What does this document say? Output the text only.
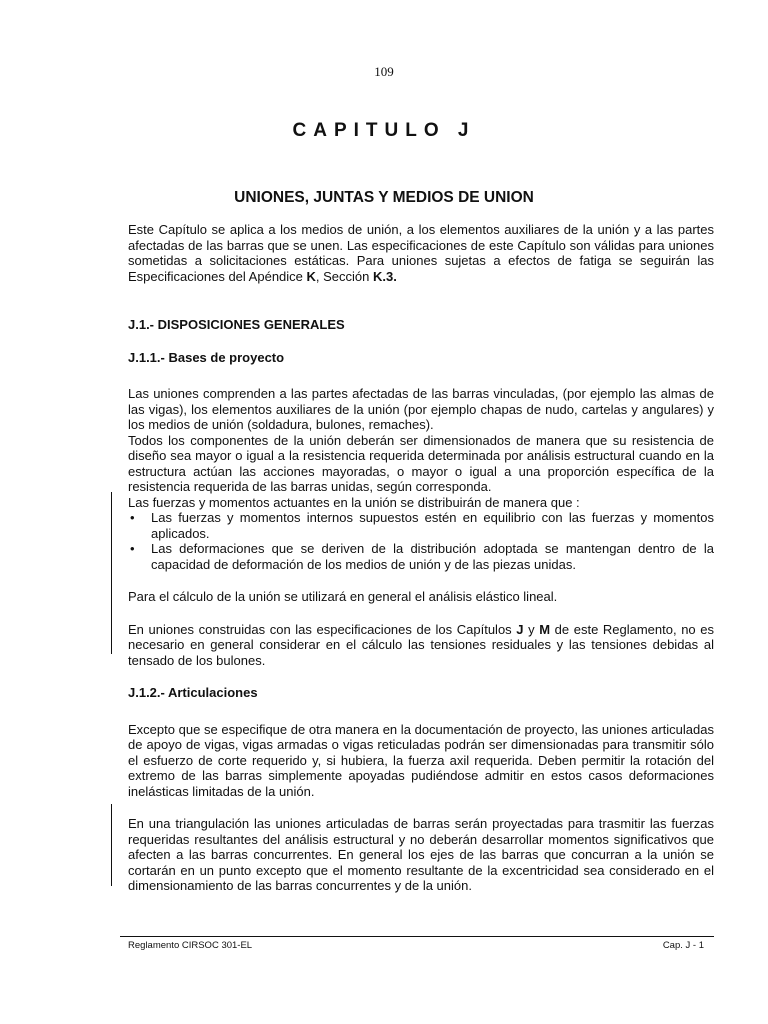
109
CAPITULO J
UNIONES, JUNTAS Y MEDIOS DE UNION

Este Capítulo se aplica a los medios de unión, a los elementos auxiliares de la unión y a las partes afectadas de las barras que se unen. Las especificaciones de este Capítulo son válidas para uniones sometidas a solicitaciones estáticas. Para uniones sujetas a efectos de fatiga se seguirán las Especificaciones del Apéndice K, Sección K.3.

J.1.- DISPOSICIONES GENERALES

J.1.1.- Bases de proyecto

Las uniones comprenden a las partes afectadas de las barras vinculadas, (por ejemplo las almas de las vigas), los elementos auxiliares de la unión (por ejemplo chapas de nudo, cartelas y angulares) y los medios de unión (soldadura, bulones, remaches).

Todos los componentes de la unión deberán ser dimensionados de manera que su resistencia de diseño sea mayor o igual a la resistencia requerida determinada por análisis estructural cuando en la estructura actúan las acciones mayoradas, o mayor o igual a una proporción específica de la resistencia requerida de las barras unidas, según corresponda.

Las fuerzas y momentos actuantes en la unión se distribuirán de manera que :

• Las fuerzas y momentos internos supuestos estén en equilibrio con las fuerzas y momentos aplicados.
• Las deformaciones que se deriven de la distribución adoptada se mantengan dentro de la capacidad de deformación de los medios de unión y de las piezas unidas.

Para el cálculo de la unión se utilizará en general el análisis elástico lineal.

En uniones construidas con las especificaciones de los Capítulos J y M de este Reglamento, no es necesario en general considerar en el cálculo las tensiones residuales y las tensiones debidas al tensado de los bulones.

J.1.2.- Articulaciones

Excepto que se especifique de otra manera en la documentación de proyecto, las uniones articuladas de apoyo de vigas, vigas armadas o vigas reticuladas podrán ser dimensionadas para transmitir sólo el esfuerzo de corte requerido y, si hubiera, la fuerza axil requerida. Deben permitir la rotación del extremo de las barras simplemente apoyadas pudiéndose admitir en estos casos deformaciones inelásticas limitadas de la unión.

En una triangulación las uniones articuladas de barras serán proyectadas para trasmitir las fuerzas requeridas resultantes del análisis estructural y no deberán desarrollar momentos significativos que afecten a las barras concurrentes. En general los ejes de las barras que concurran a la unión se cortarán en un punto excepto que el momento resultante de la excentricidad sea considerado en el dimensionamiento de las barras concurrentes y de la unión.

Reglamento CIRSOC 301-EL	Cap. J - 1
